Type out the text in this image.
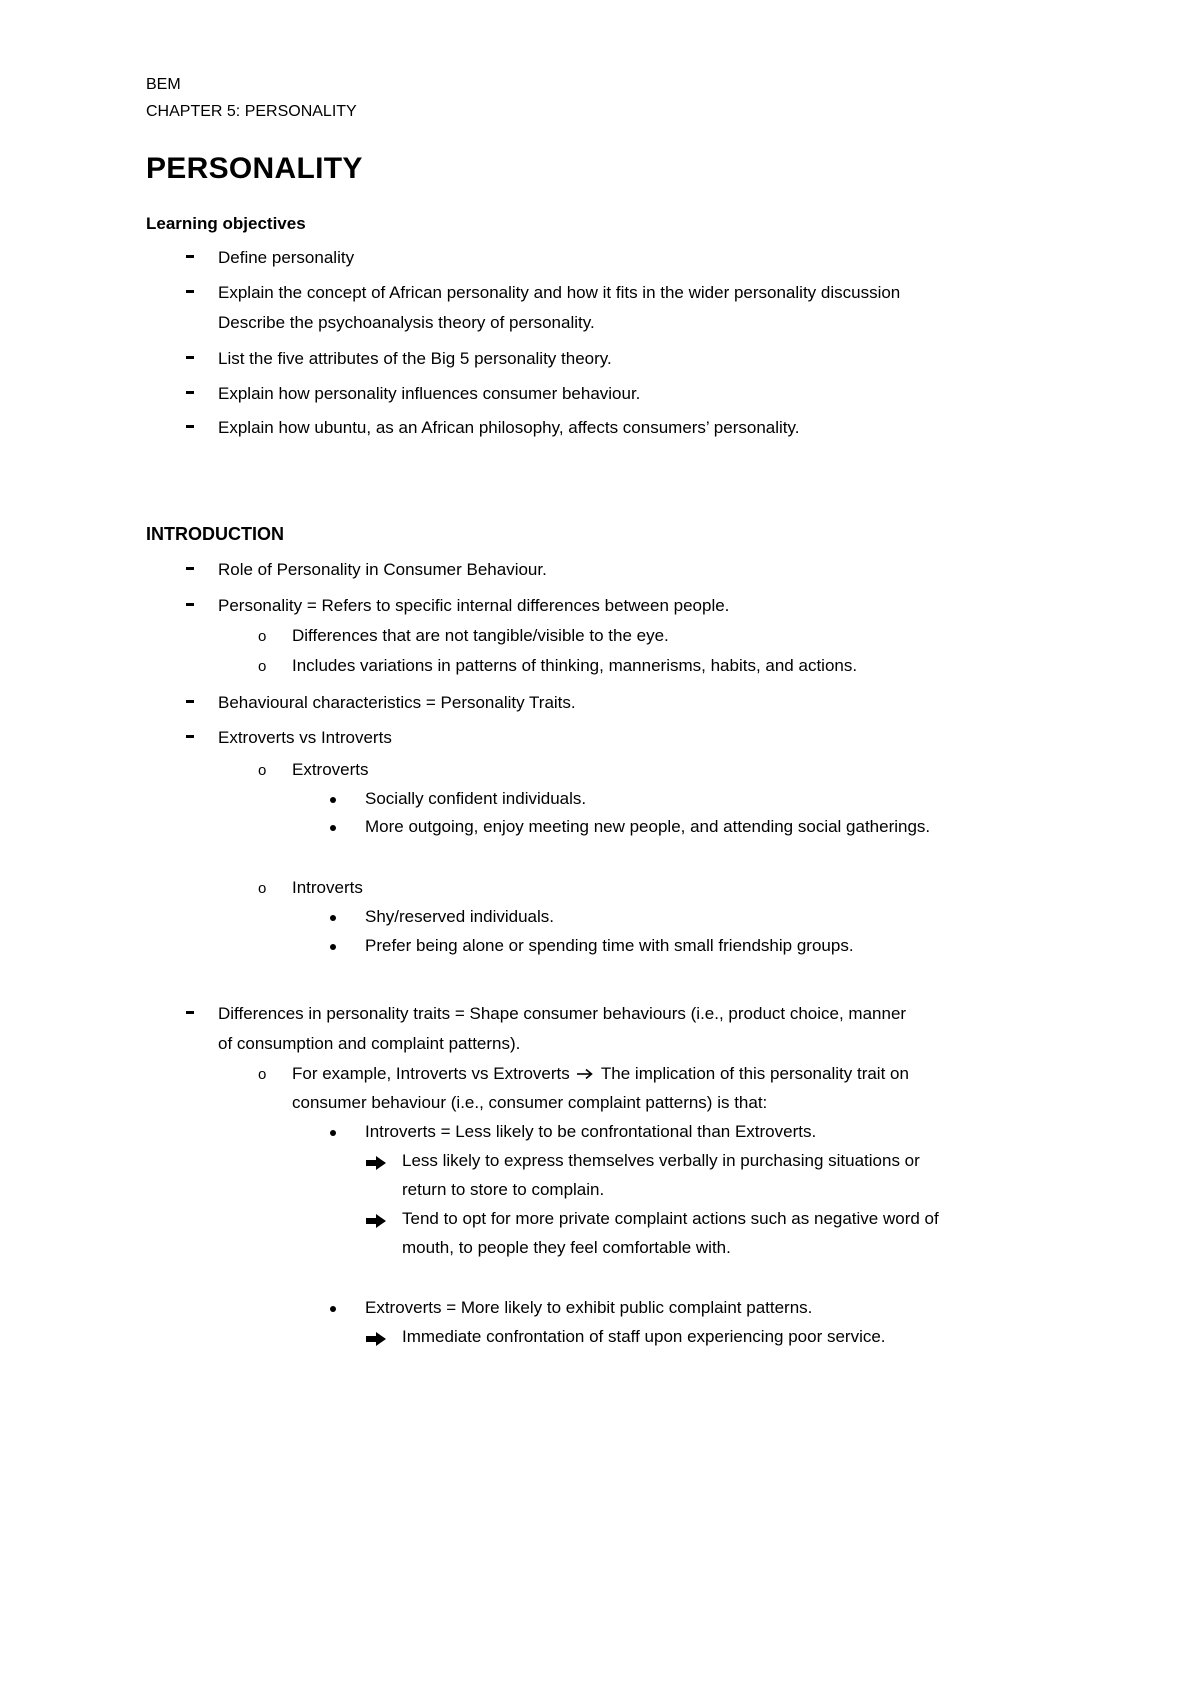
BEM
CHAPTER 5: PERSONALITY
PERSONALITY
Learning objectives
Define personality
Explain the concept of African personality and how it fits in the wider personality discussion
Describe the psychoanalysis theory of personality.
List the five attributes of the Big 5 personality theory.
Explain how personality influences consumer behaviour.
Explain how ubuntu, as an African philosophy, affects consumers’ personality.
INTRODUCTION
Role of Personality in Consumer Behaviour.
Personality = Refers to specific internal differences between people.
o Differences that are not tangible/visible to the eye.
o Includes variations in patterns of thinking, mannerisms, habits, and actions.
Behavioural characteristics = Personality Traits.
Extroverts vs Introverts
o Extroverts
Socially confident individuals.
More outgoing, enjoy meeting new people, and attending social gatherings.
o Introverts
Shy/reserved individuals.
Prefer being alone or spending time with small friendship groups.
Differences in personality traits = Shape consumer behaviours (i.e., product choice, manner
of consumption and complaint patterns).
o For example, Introverts vs Extroverts The implication of this personality trait on
consumer behaviour (i.e., consumer complaint patterns) is that:
Introverts = Less likely to be confrontational than Extroverts.
Less likely to express themselves verbally in purchasing situations or
return to store to complain.
Tend to opt for more private complaint actions such as negative word of
mouth, to people they feel comfortable with.
Extroverts = More likely to exhibit public complaint patterns.
Immediate confrontation of staff upon experiencing poor service.
